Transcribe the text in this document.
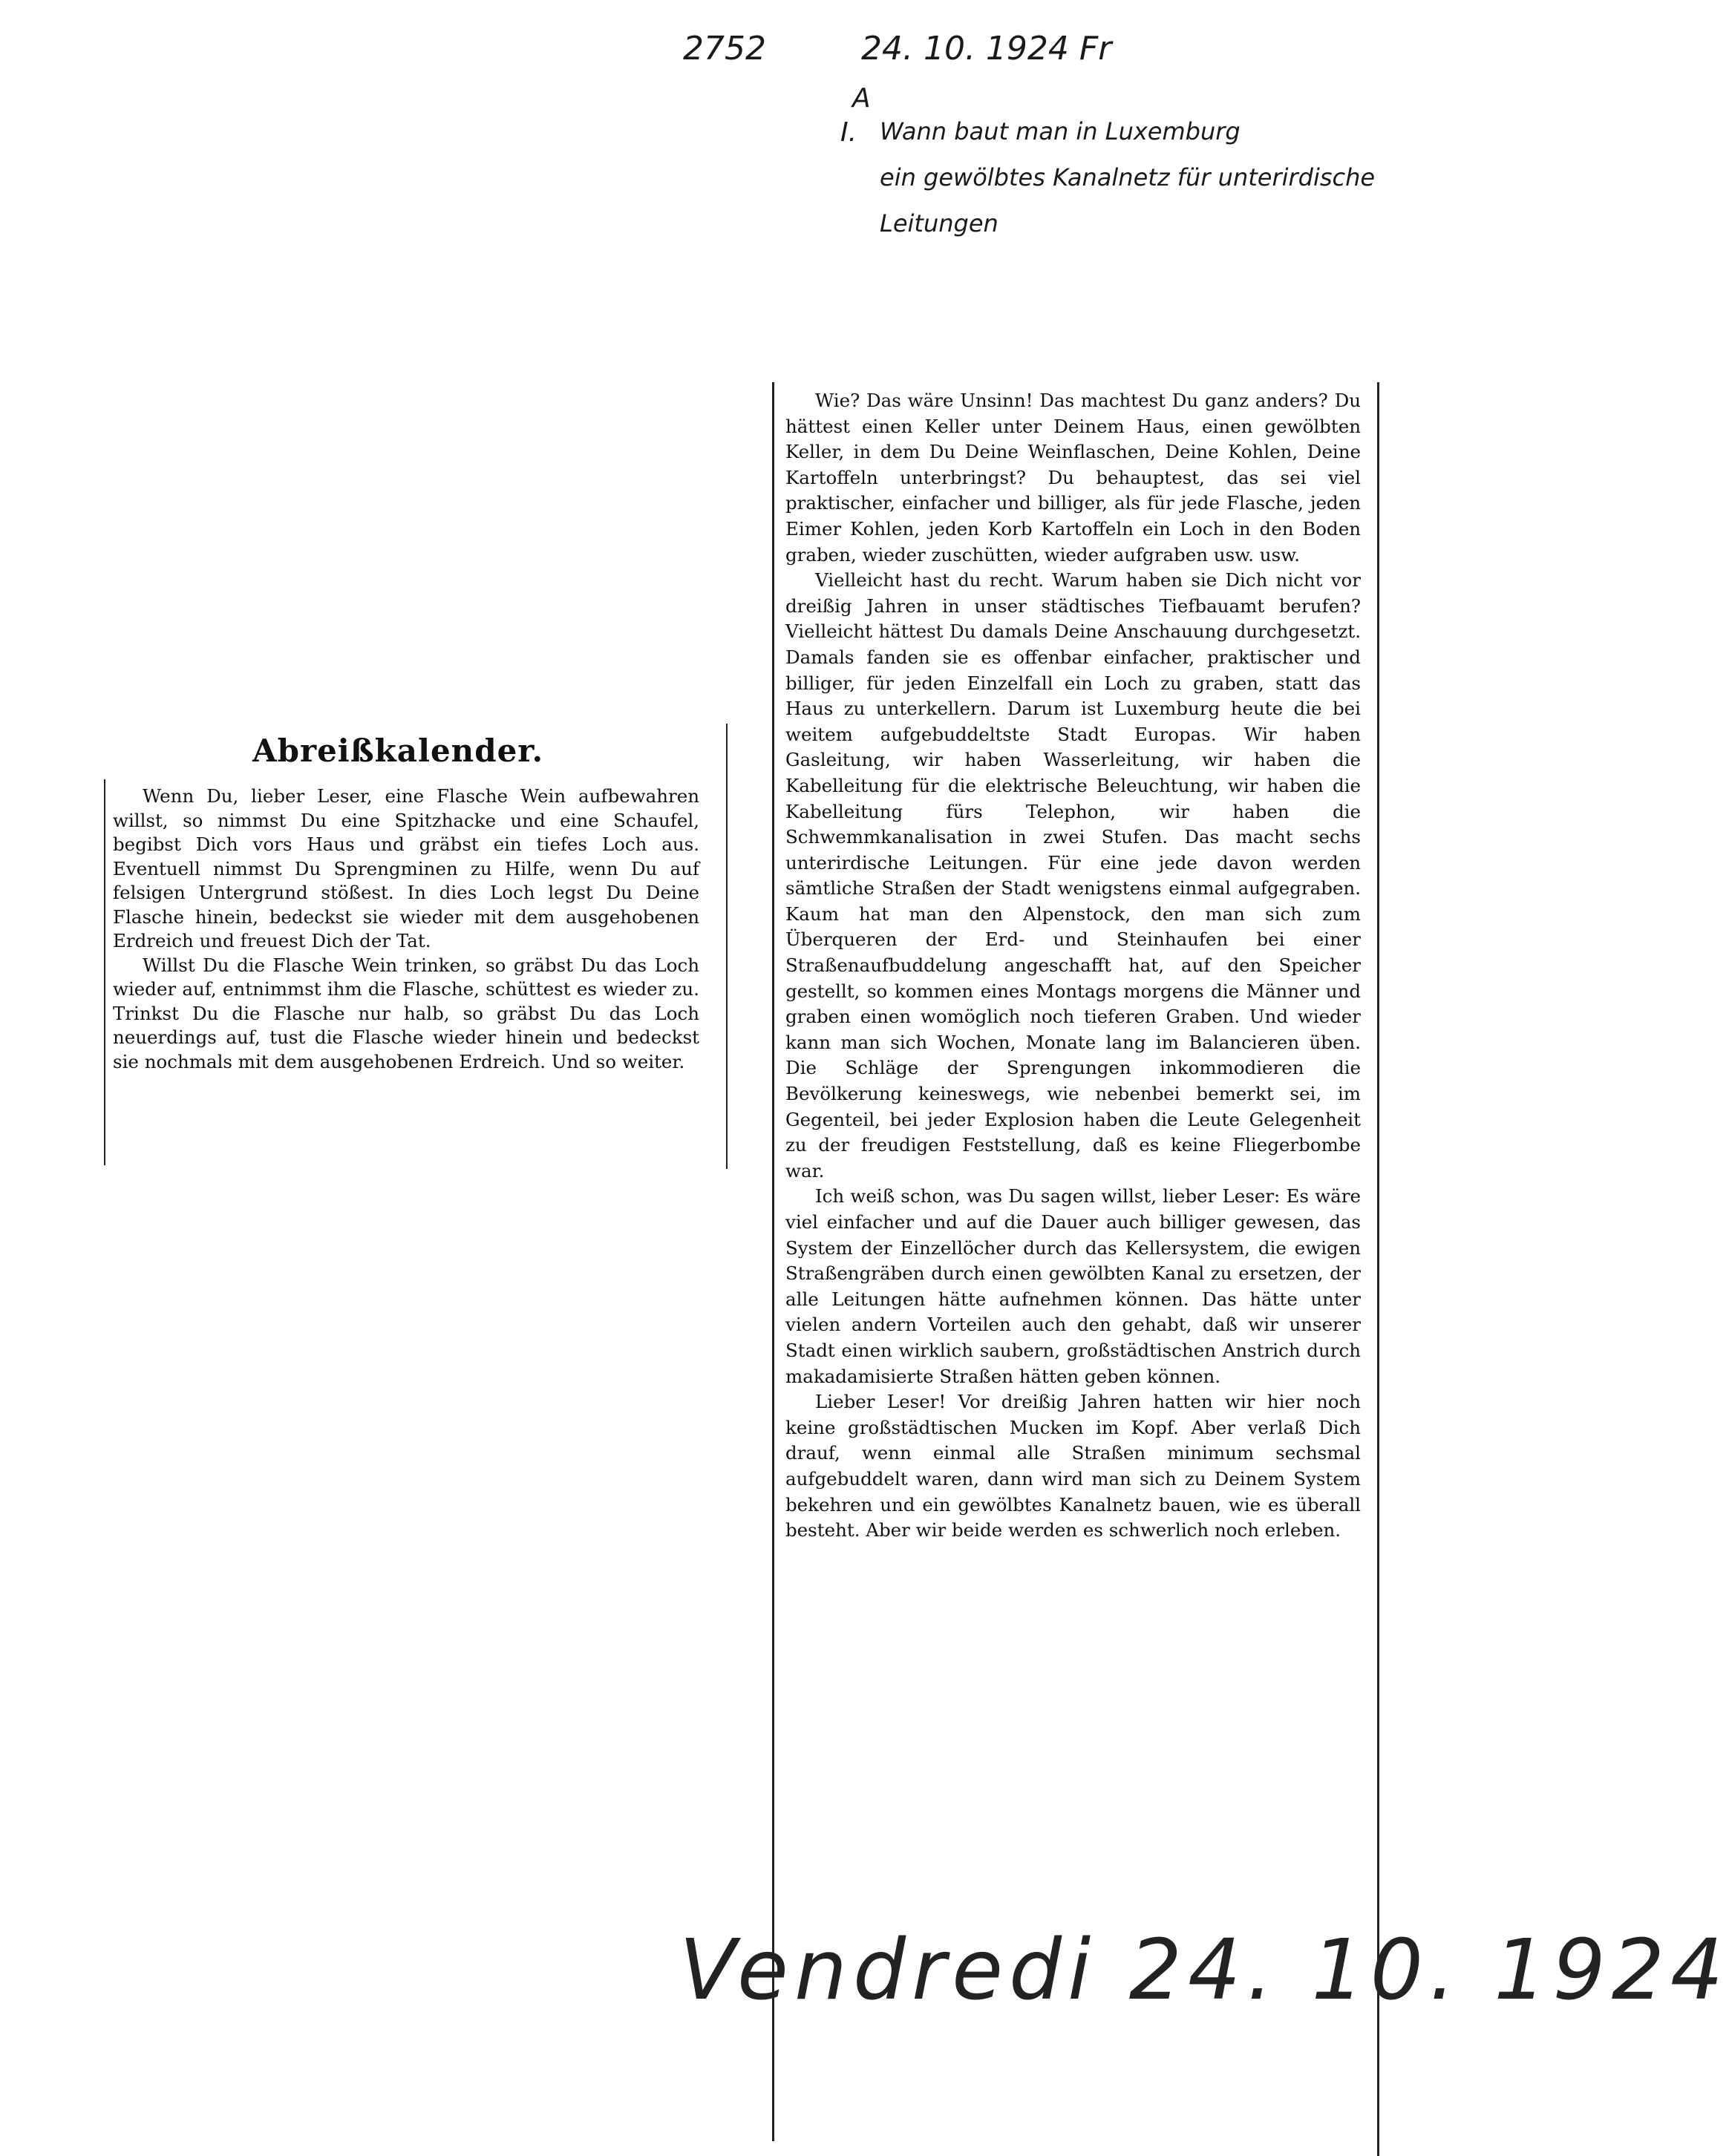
2752	24. 10. 1924 Fr
A
I. Wann baut man in Luxemburg
ein gewölbtes Kanalnetz für unterirdische
Leitungen
Abreißkalender.

Wenn Du, lieber Leser, eine Flasche Wein aufbewahren willst, so nimmst Du eine Spitzhacke und eine Schaufel, begibst Dich vors Haus und gräbst ein tiefes Loch aus. Eventuell nimmst Du Sprengminen zu Hilfe, wenn Du auf felsigen Untergrund stößest. In dies Loch legst Du Deine Flasche hinein, bedeckst sie wieder mit dem ausgehobenen Erdreich und freuest Dich der Tat.

Willst Du die Flasche Wein trinken, so gräbst Du das Loch wieder auf, entnimmst ihm die Flasche, schüttest es wieder zu. Trinkst Du die Flasche nur halb, so gräbst Du das Loch neuerdings auf, tust die Flasche wieder hinein und bedeckst sie nochmals mit dem ausgehobenen Erdreich. Und so weiter.

Wie? Das wäre Unsinn! Das machtest Du ganz anders? Du hättest einen Keller unter Deinem Haus, einen gewölbten Keller, in dem Du Deine Weinflaschen, Deine Kohlen, Deine Kartoffeln unterbringst? Du behauptest, das sei viel praktischer, einfacher und billiger, als für jede Flasche, jeden Eimer Kohlen, jeden Korb Kartoffeln ein Loch in den Boden graben, wieder zuschütten, wieder aufgraben usw. usw.

Vielleicht hast du recht. Warum haben sie Dich nicht vor dreißig Jahren in unser städtisches Tiefbauamt berufen? Vielleicht hättest Du damals Deine Anschauung durchgesetzt. Damals fanden sie es offenbar einfacher, praktischer und billiger, für jeden Einzelfall ein Loch zu graben, statt das Haus zu unterkellern. Darum ist Luxemburg heute die bei weitem aufgebuddeltste Stadt Europas. Wir haben Gasleitung, wir haben Wasserleitung, wir haben die Kabelleitung für die elektrische Beleuchtung, wir haben die Kabelleitung fürs Telephon, wir haben die Schwemmkanalisation in zwei Stufen. Das macht sechs unterirdische Leitungen. Für eine jede davon werden sämtliche Straßen der Stadt wenigstens einmal aufgegraben. Kaum hat man den Alpenstock, den man sich zum Überqueren der Erd- und Steinhaufen bei einer Straßenaufbuddelung angeschafft hat, auf den Speicher gestellt, so kommen eines Montags morgens die Männer und graben einen womöglich noch tieferen Graben. Und wieder kann man sich Wochen, Monate lang im Balancieren üben. Die Schläge der Sprengungen inkommodieren die Bevölkerung keineswegs, wie nebenbei bemerkt sei, im Gegenteil, bei jeder Explosion haben die Leute Gelegenheit zu der freudigen Feststellung, daß es keine Fliegerbombe war.

Ich weiß schon, was Du sagen willst, lieber Leser: Es wäre viel einfacher und auf die Dauer auch billiger gewesen, das System der Einzellöcher durch das Kellersystem, die ewigen Straßengräben durch einen gewölbten Kanal zu ersetzen, der alle Leitungen hätte aufnehmen können. Das hätte unter vielen andern Vorteilen auch den gehabt, daß wir unserer Stadt einen wirklich saubern, großstädtischen Anstrich durch makadamisierte Straßen hätten geben können.

Lieber Leser! Vor dreißig Jahren hatten wir hier noch keine großstädtischen Mucken im Kopf. Aber verlaß Dich drauf, wenn einmal alle Straßen minimum sechsmal aufgebuddelt waren, dann wird man sich zu Deinem System bekehren und ein gewölbtes Kanalnetz bauen, wie es überall besteht. Aber wir beide werden es schwerlich noch erleben.

Vendredi 24. 10. 1924
